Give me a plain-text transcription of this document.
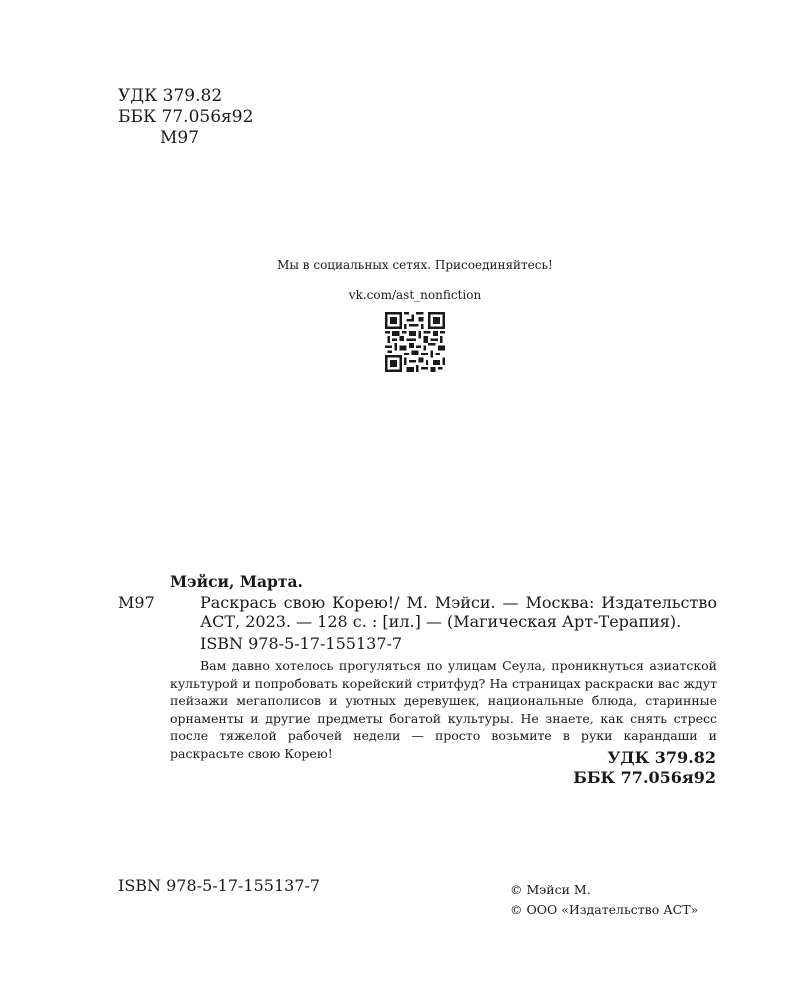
УДК 379.82
ББК 77.056я92
М97
Мы в социальных сетях. Присоединяйтесь!
vk.com/ast_nonfiction
Мэйси, Марта.
М97	Раскрась свою Корею!/ М. Мэйси. — Москва: Издательство АСТ, 2023. — 128 с. : [ил.] — (Магическая Арт-Терапия).
ISBN 978-5-17-155137-7
Вам давно хотелось прогуляться по улицам Сеула, проникнуться азиатской культурой и попробовать корейский стритфуд? На страницах раскраски вас ждут пейзажи мегаполисов и уютных деревушек, национальные блюда, старинные орнаменты и другие предметы богатой культуры. Не знаете, как снять стресс после тяжелой рабочей недели — просто возьмите в руки карандаши и раскрасьте свою Корею!	УДК 379.82
ББК 77.056я92
ISBN 978-5-17-155137-7	© Мэйси М.
© ООО «Издательство АСТ»
